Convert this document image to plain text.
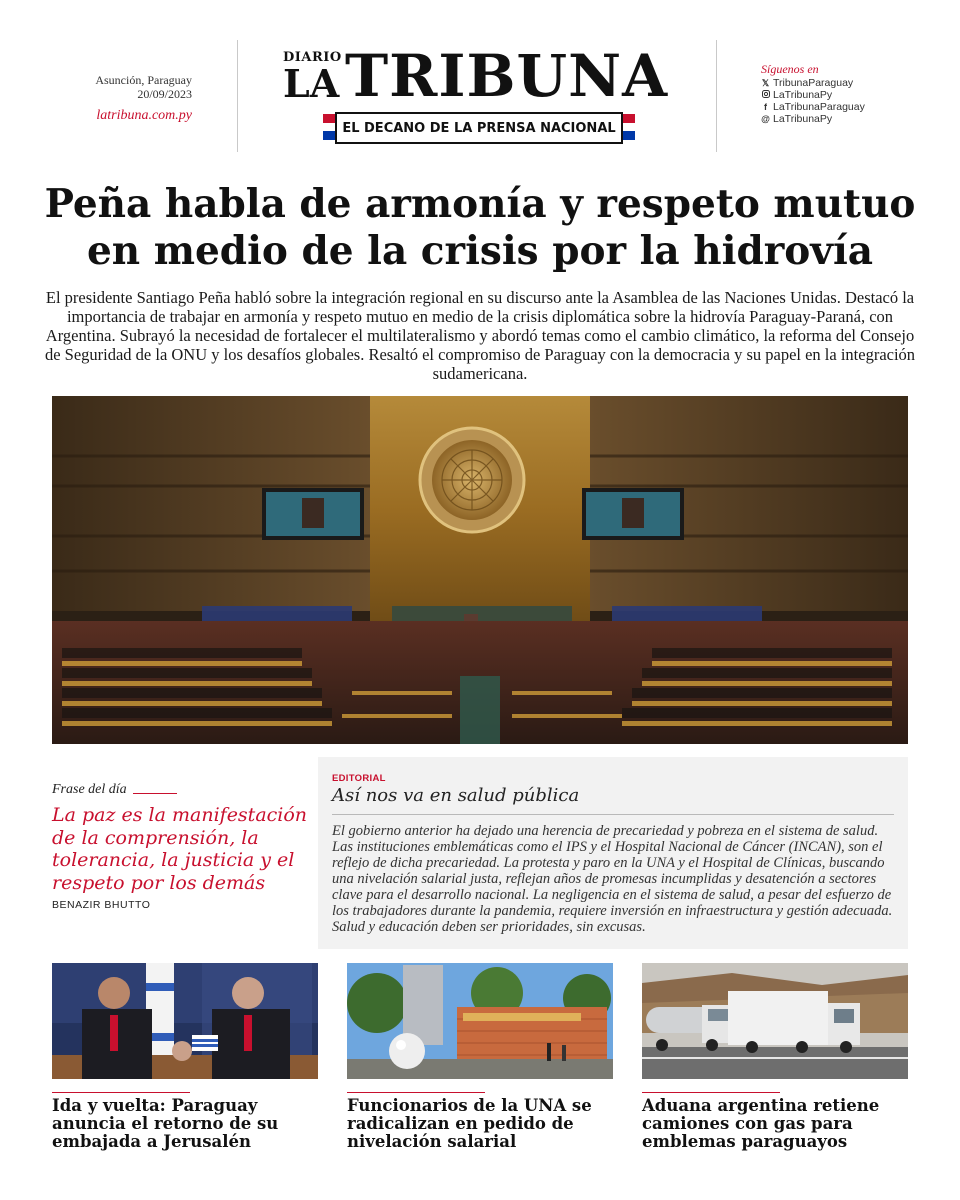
Asunción, Paraguay
20/09/2023
latribuna.com.py
DIARIO
LA TRIBUNA
EL DECANO DE LA PRENSA NACIONAL
Síguenos en
𝕏 TribunaParaguay
LaTribunaPy
f LaTribunaParaguay
@ LaTribunaPy
Peña habla de armonía y respeto mutuo
en medio de la crisis por la hidrovía

El presidente Santiago Peña habló sobre la integración regional en su discurso ante la Asamblea de las Naciones Unidas. Destacó la importancia de trabajar en armonía y respeto mutuo en medio de la crisis diplomática sobre la hidrovía Paraguay-Paraná, con Argentina. Subrayó la necesidad de fortalecer el multilateralismo y abordó temas como el cambio climático, la reforma del Consejo de Seguridad de la ONU y los desafíos globales. Resaltó el compromiso de Paraguay con la democracia y su papel en la integración sudamericana.

Frase del día
La paz es la manifestación de la comprensión, la tolerancia, la justicia y el respeto por los demás
BENAZIR BHUTTO
EDITORIAL
Así nos va en salud pública
El gobierno anterior ha dejado una herencia de precariedad y pobreza en el sistema de salud. Las instituciones emblemáticas como el IPS y el Hospital Nacional de Cáncer (INCAN), son el reflejo de dicha precariedad. La protesta y paro en la UNA y el Hospital de Clínicas, buscando una nivelación salarial justa, reflejan años de promesas incumplidas y desatención a sectores clave para el desarrollo nacional. La negligencia en el sistema de salud, a pesar del esfuerzo de los trabajadores durante la pandemia, requiere inversión en infraestructura y gestión adecuada. Salud y educación deben ser prioridades, sin excusas.
Ida y vuelta: Paraguay anuncia el retorno de su embajada a Jerusalén
Funcionarios de la UNA se radicalizan en pedido de nivelación salarial
Aduana argentina retiene camiones con gas para emblemas paraguayos
